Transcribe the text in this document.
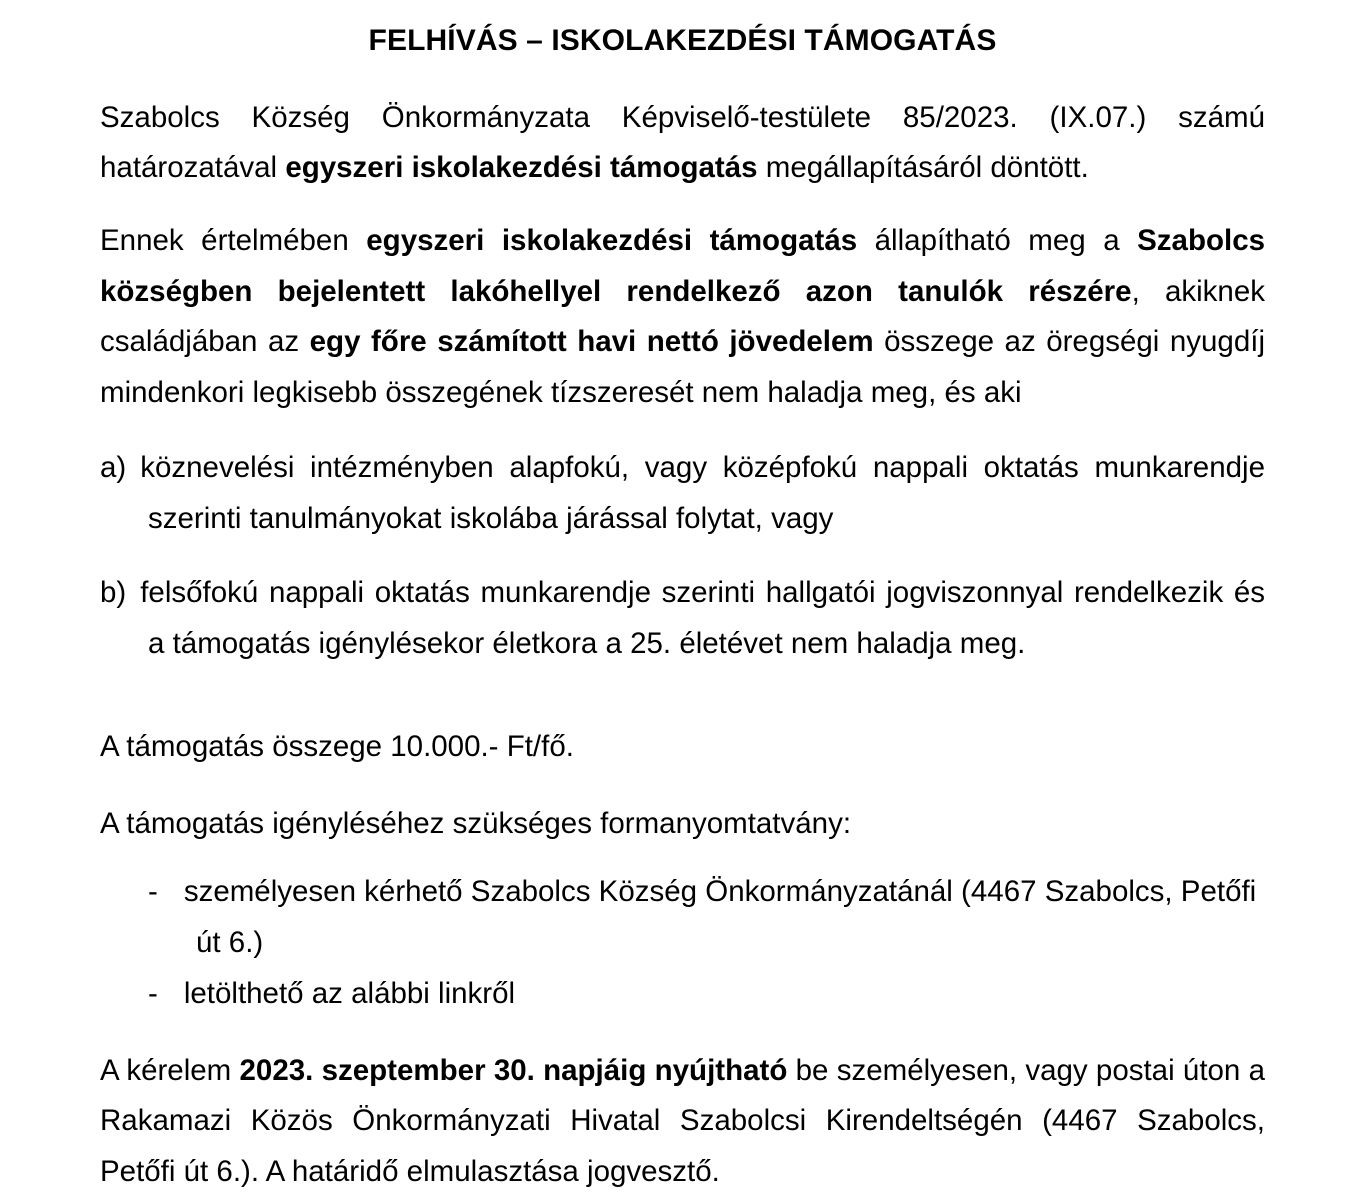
FELHÍVÁS – ISKOLAKEZDÉSI TÁMOGATÁS

Szabolcs Község Önkormányzata Képviselő-testülete 85/2023. (IX.07.) számú határozatával egyszeri iskolakezdési támogatás megállapításáról döntött.

Ennek értelmében egyszeri iskolakezdési támogatás állapítható meg a Szabolcs községben bejelentett lakóhellyel rendelkező azon tanulók részére, akiknek családjában az egy főre számított havi nettó jövedelem összege az öregségi nyugdíj mindenkori legkisebb összegének tízszeresét nem haladja meg, és aki

a) köznevelési intézményben alapfokú, vagy középfokú nappali oktatás munkarendje szerinti tanulmányokat iskolába járással folytat, vagy

b) felsőfokú nappali oktatás munkarendje szerinti hallgatói jogviszonnyal rendelkezik és a támogatás igénylésekor életkora a 25. életévet nem haladja meg.

A támogatás összege 10.000.- Ft/fő.

A támogatás igényléséhez szükséges formanyomtatvány:

- személyesen kérhető Szabolcs Község Önkormányzatánál (4467 Szabolcs, Petőfi út 6.)

- letölthető az alábbi linkről

A kérelem 2023. szeptember 30. napjáig nyújtható be személyesen, vagy postai úton a Rakamazi Közös Önkormányzati Hivatal Szabolcsi Kirendeltségén (4467 Szabolcs, Petőfi út 6.). A határidő elmulasztása jogvesztő.
